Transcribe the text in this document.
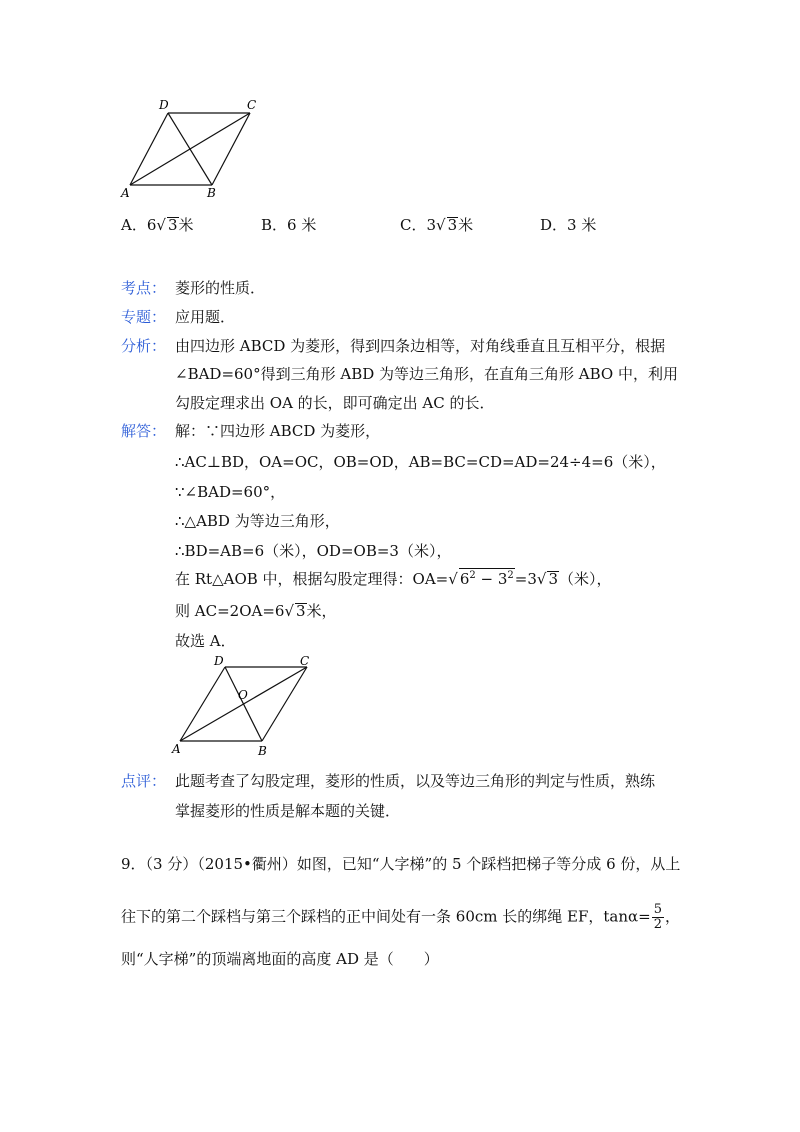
D	C
A	B
A．6√ 3米	B．6 米	C．3√ 3米	D．3 米
考点： 菱形的性质．
专题： 应用题．
分析： 由四边形 ABCD 为菱形，得到四条边相等，对角线垂直且互相平分，根据
∠BAD=60°得到三角形 ABD 为等边三角形，在直角三角形 ABO 中，利用
勾股定理求出 OA 的长，即可确定出 AC 的长．
解答： 解：∵四边形 ABCD 为菱形，
∴AC⊥BD，OA=OC，OB=OD，AB=BC=CD=AD=24÷4=6（米），
∵∠BAD=60°，
∴△ABD 为等边三角形，
∴BD=AB=6（米），OD=OB=3（米），
在 Rt△AOB 中，根据勾股定理得：OA=√ $6^2 - 3^2=3√$ 3（米），
则 AC=2OA=6√ 3米，
故选 A．
D	C
O
A	B
点评： 此题考查了勾股定理，菱形的性质，以及等边三角形的判定与性质，熟练
掌握菱形的性质是解本题的关键．
9．（3 分）（2015•衢州）如图，已知“人字梯”的 5 个踩档把梯子等分成 6 份，从上
往下的第二个踩档与第三个踩档的正中间处有一条 60cm 长的绑绳 EF，$\tan\alpha= \frac{5}{2}$ ，
则“人字梯”的顶端离地面的高度 AD 是（　　）
